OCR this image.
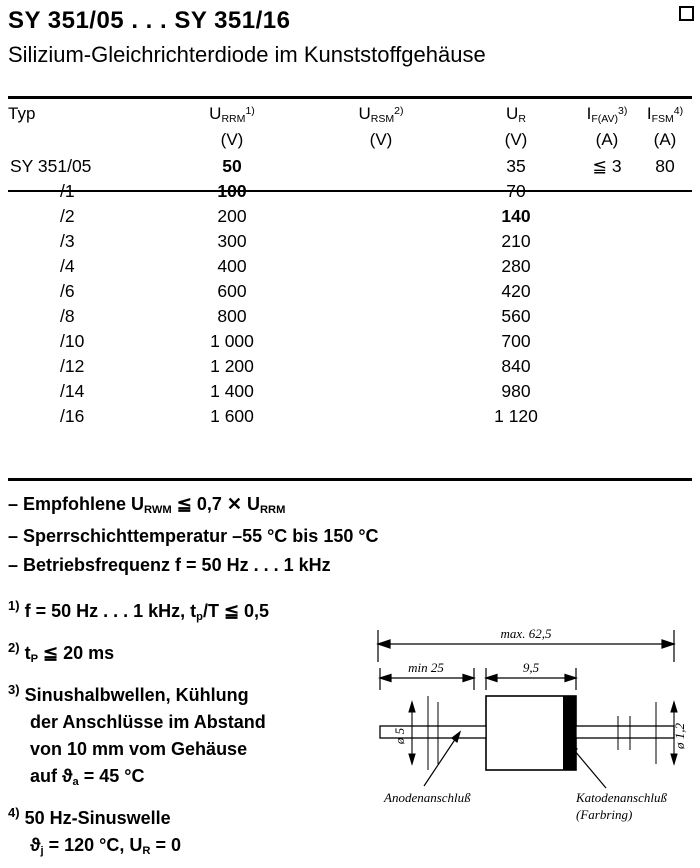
SY 351/05 . . . SY 351/16
Silizium-Gleichrichterdiode im Kunststoffgehäuse
Typ	$U_{RRM}^{1)}$	$U_{RSM}^{2)}$	$U_R$	$I_{F(AV)}^{3)}$	$I_{FSM}^{4)}$
	(V)	(V)	(V)	(A)	(A)
SY 351/05	50		35	≦ 3	80
/1	100		70		
/2	200		140		
/3	300		210		
/4	400		280		
/6	600		420		
/8	800		560		
/10	1 000		700		
/12	1 200		840		
/14	1 400		980		
/16	1 600		1 120		
– Empfohlene $U_{RWM}$ ≦ 0,7 ✕ $U_{RRM}$
– Sperrschichttemperatur –55 °C bis 150 °C
– Betriebsfrequenz f = 50 Hz . . . 1 kHz
$^{1)}$ f = 50 Hz . . . 1 kHz, $t_p/T$ ≦ 0,5
$^{2)}$ $t_P$ ≦ 20 ms
$^{3)}$ Sinushalbwellen, Kühlung
der Anschlüsse im Abstand
von 10 mm vom Gehäuse
auf $ϑ_a = 45$ °C
$^{4)}$ 50 Hz-Sinuswelle
$ϑ_j = 120$ °C, $U_R = 0$
max. 62,5
min 25	9,5
ø 5	ø 1,2
Anodenanschluß	Katodenanschluß
(Farbring)
